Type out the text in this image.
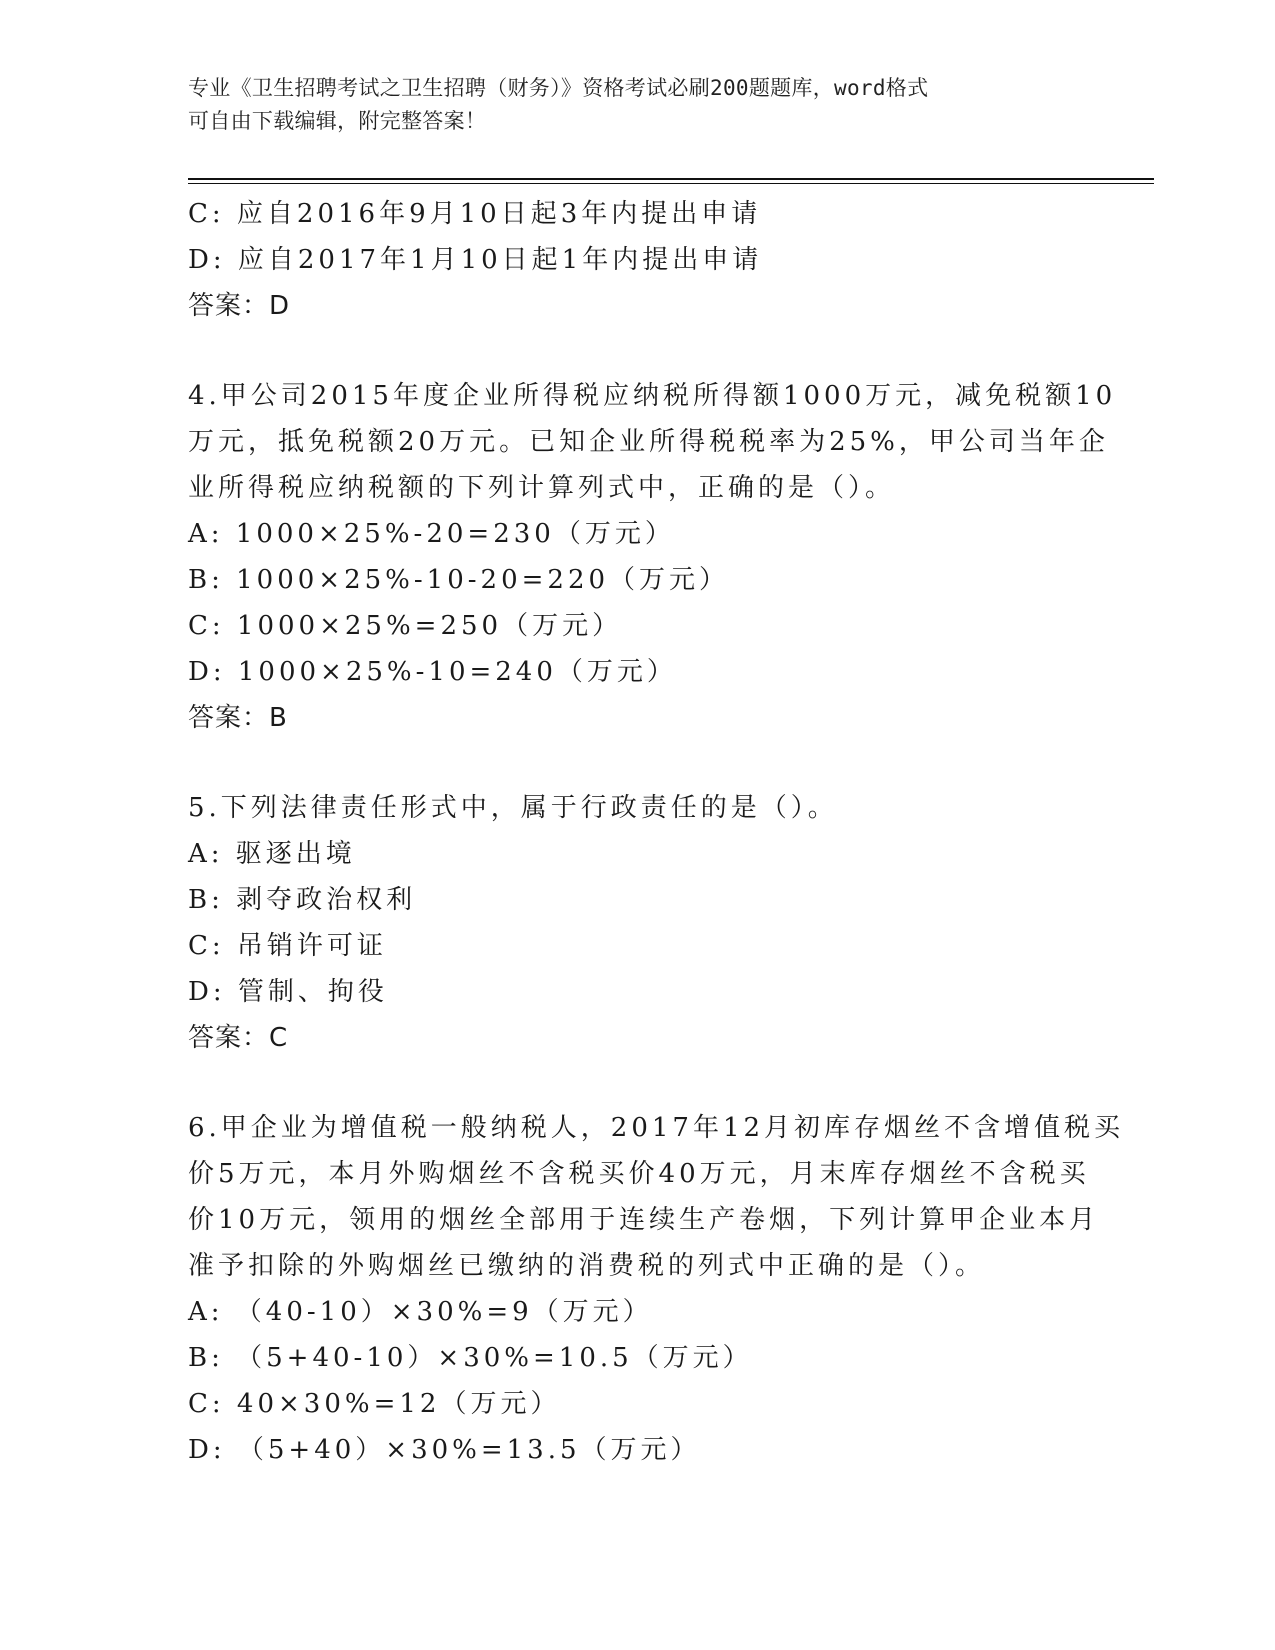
专业《卫生招聘考试之卫生招聘（财务）》资格考试必刷200题题库，word格式
可自由下载编辑，附完整答案！
C: 应自2016年9月10日起3年内提出申请
D: 应自2017年1月10日起1年内提出申请
答案：D
4.甲公司2015年度企业所得税应纳税所得额1000万元，减免税额10
万元，抵免税额20万元。已知企业所得税税率为25%，甲公司当年企
业所得税应纳税额的下列计算列式中，正确的是（）。
A: 1000×25%-20=230（万元）
B: 1000×25%-10-20=220（万元）
C: 1000×25%=250（万元）
D: 1000×25%-10=240（万元）
答案：B
5.下列法律责任形式中，属于行政责任的是（）。
A: 驱逐出境
B: 剥夺政治权利
C: 吊销许可证
D: 管制、拘役
答案：C
6.甲企业为增值税一般纳税人，2017年12月初库存烟丝不含增值税买
价5万元，本月外购烟丝不含税买价40万元，月末库存烟丝不含税买
价10万元，领用的烟丝全部用于连续生产卷烟，下列计算甲企业本月
准予扣除的外购烟丝已缴纳的消费税的列式中正确的是（）。
A: （40-10）×30%=9（万元）
B: （5+40-10）×30%=10.5（万元）
C: 40×30%=12（万元）
D: （5+40）×30%=13.5（万元）
